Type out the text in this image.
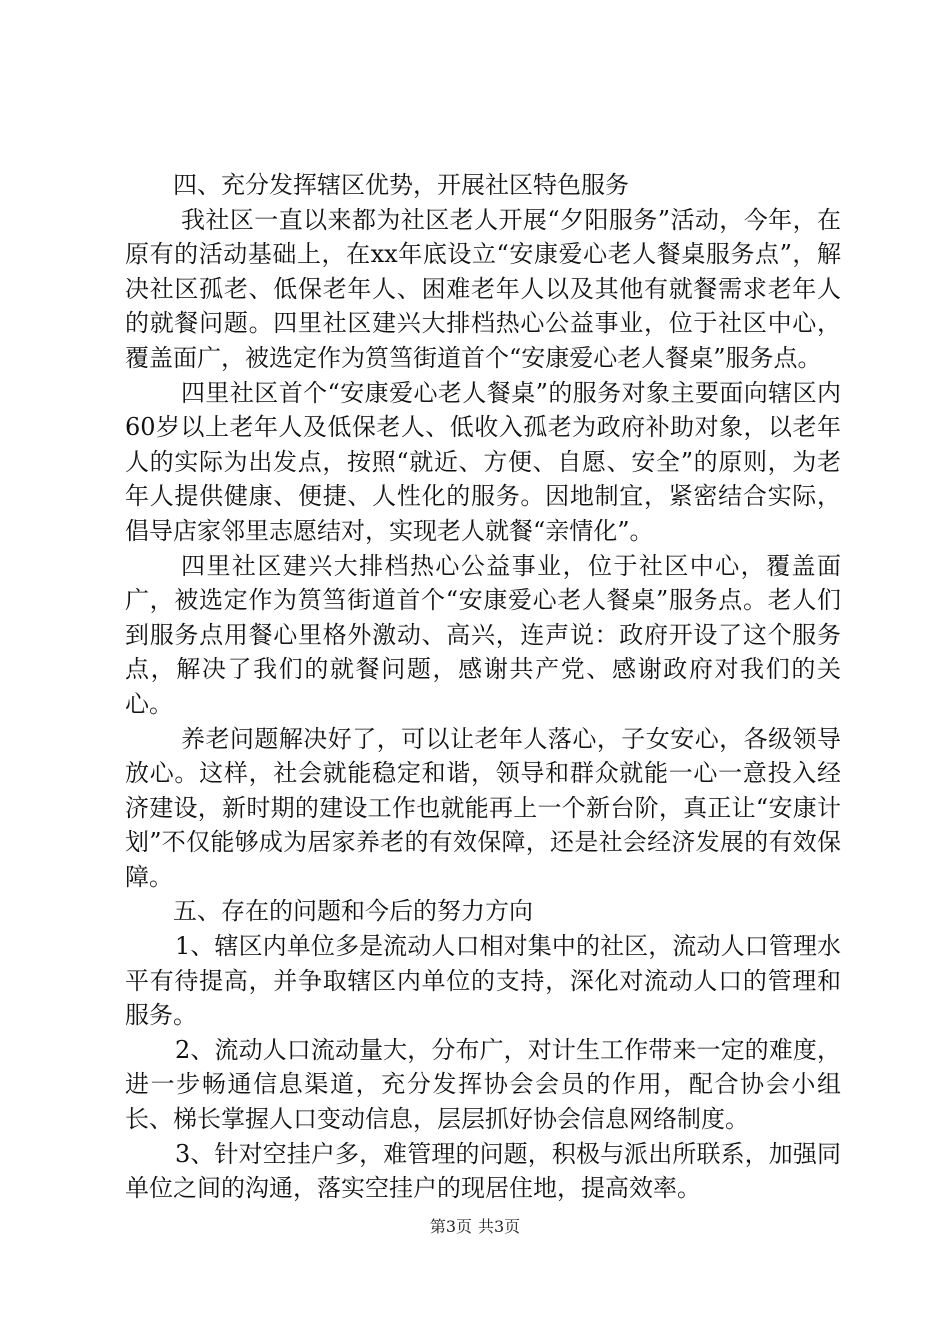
四、充分发挥辖区优势，开展社区特色服务

我社区一直以来都为社区老人开展“夕阳服务”活动，今年，在原有的活动基础上，在xx年底设立“安康爱心老人餐桌服务点”，解决社区孤老、低保老年人、困难老年人以及其他有就餐需求老年人的就餐问题。四里社区建兴大排档热心公益事业，位于社区中心，覆盖面广，被选定作为筼筜街道首个“安康爱心老人餐桌”服务点。

四里社区首个“安康爱心老人餐桌”的服务对象主要面向辖区内60岁以上老年人及低保老人、低收入孤老为政府补助对象，以老年人的实际为出发点，按照“就近、方便、自愿、安全”的原则，为老年人提供健康、便捷、人性化的服务。因地制宜，紧密结合实际，倡导店家邻里志愿结对，实现老人就餐“亲情化”。

四里社区建兴大排档热心公益事业，位于社区中心，覆盖面广，被选定作为筼筜街道首个“安康爱心老人餐桌”服务点。老人们到服务点用餐心里格外激动、高兴，连声说：政府开设了这个服务点，解决了我们的就餐问题，感谢共产党、感谢政府对我们的关心。

养老问题解决好了，可以让老年人落心，子女安心，各级领导放心。这样，社会就能稳定和谐，领导和群众就能一心一意投入经济建设，新时期的建设工作也就能再上一个新台阶，真正让“安康计划”不仅能够成为居家养老的有效保障，还是社会经济发展的有效保障。

五、存在的问题和今后的努力方向

1、辖区内单位多是流动人口相对集中的社区，流动人口管理水平有待提高，并争取辖区内单位的支持，深化对流动人口的管理和服务。

2、流动人口流动量大，分布广，对计生工作带来一定的难度，进一步畅通信息渠道，充分发挥协会会员的作用，配合协会小组长、梯长掌握人口变动信息，层层抓好协会信息网络制度。

3、针对空挂户多，难管理的问题，积极与派出所联系，加强同单位之间的沟通，落实空挂户的现居住地，提高效率。

第3页 共3页
